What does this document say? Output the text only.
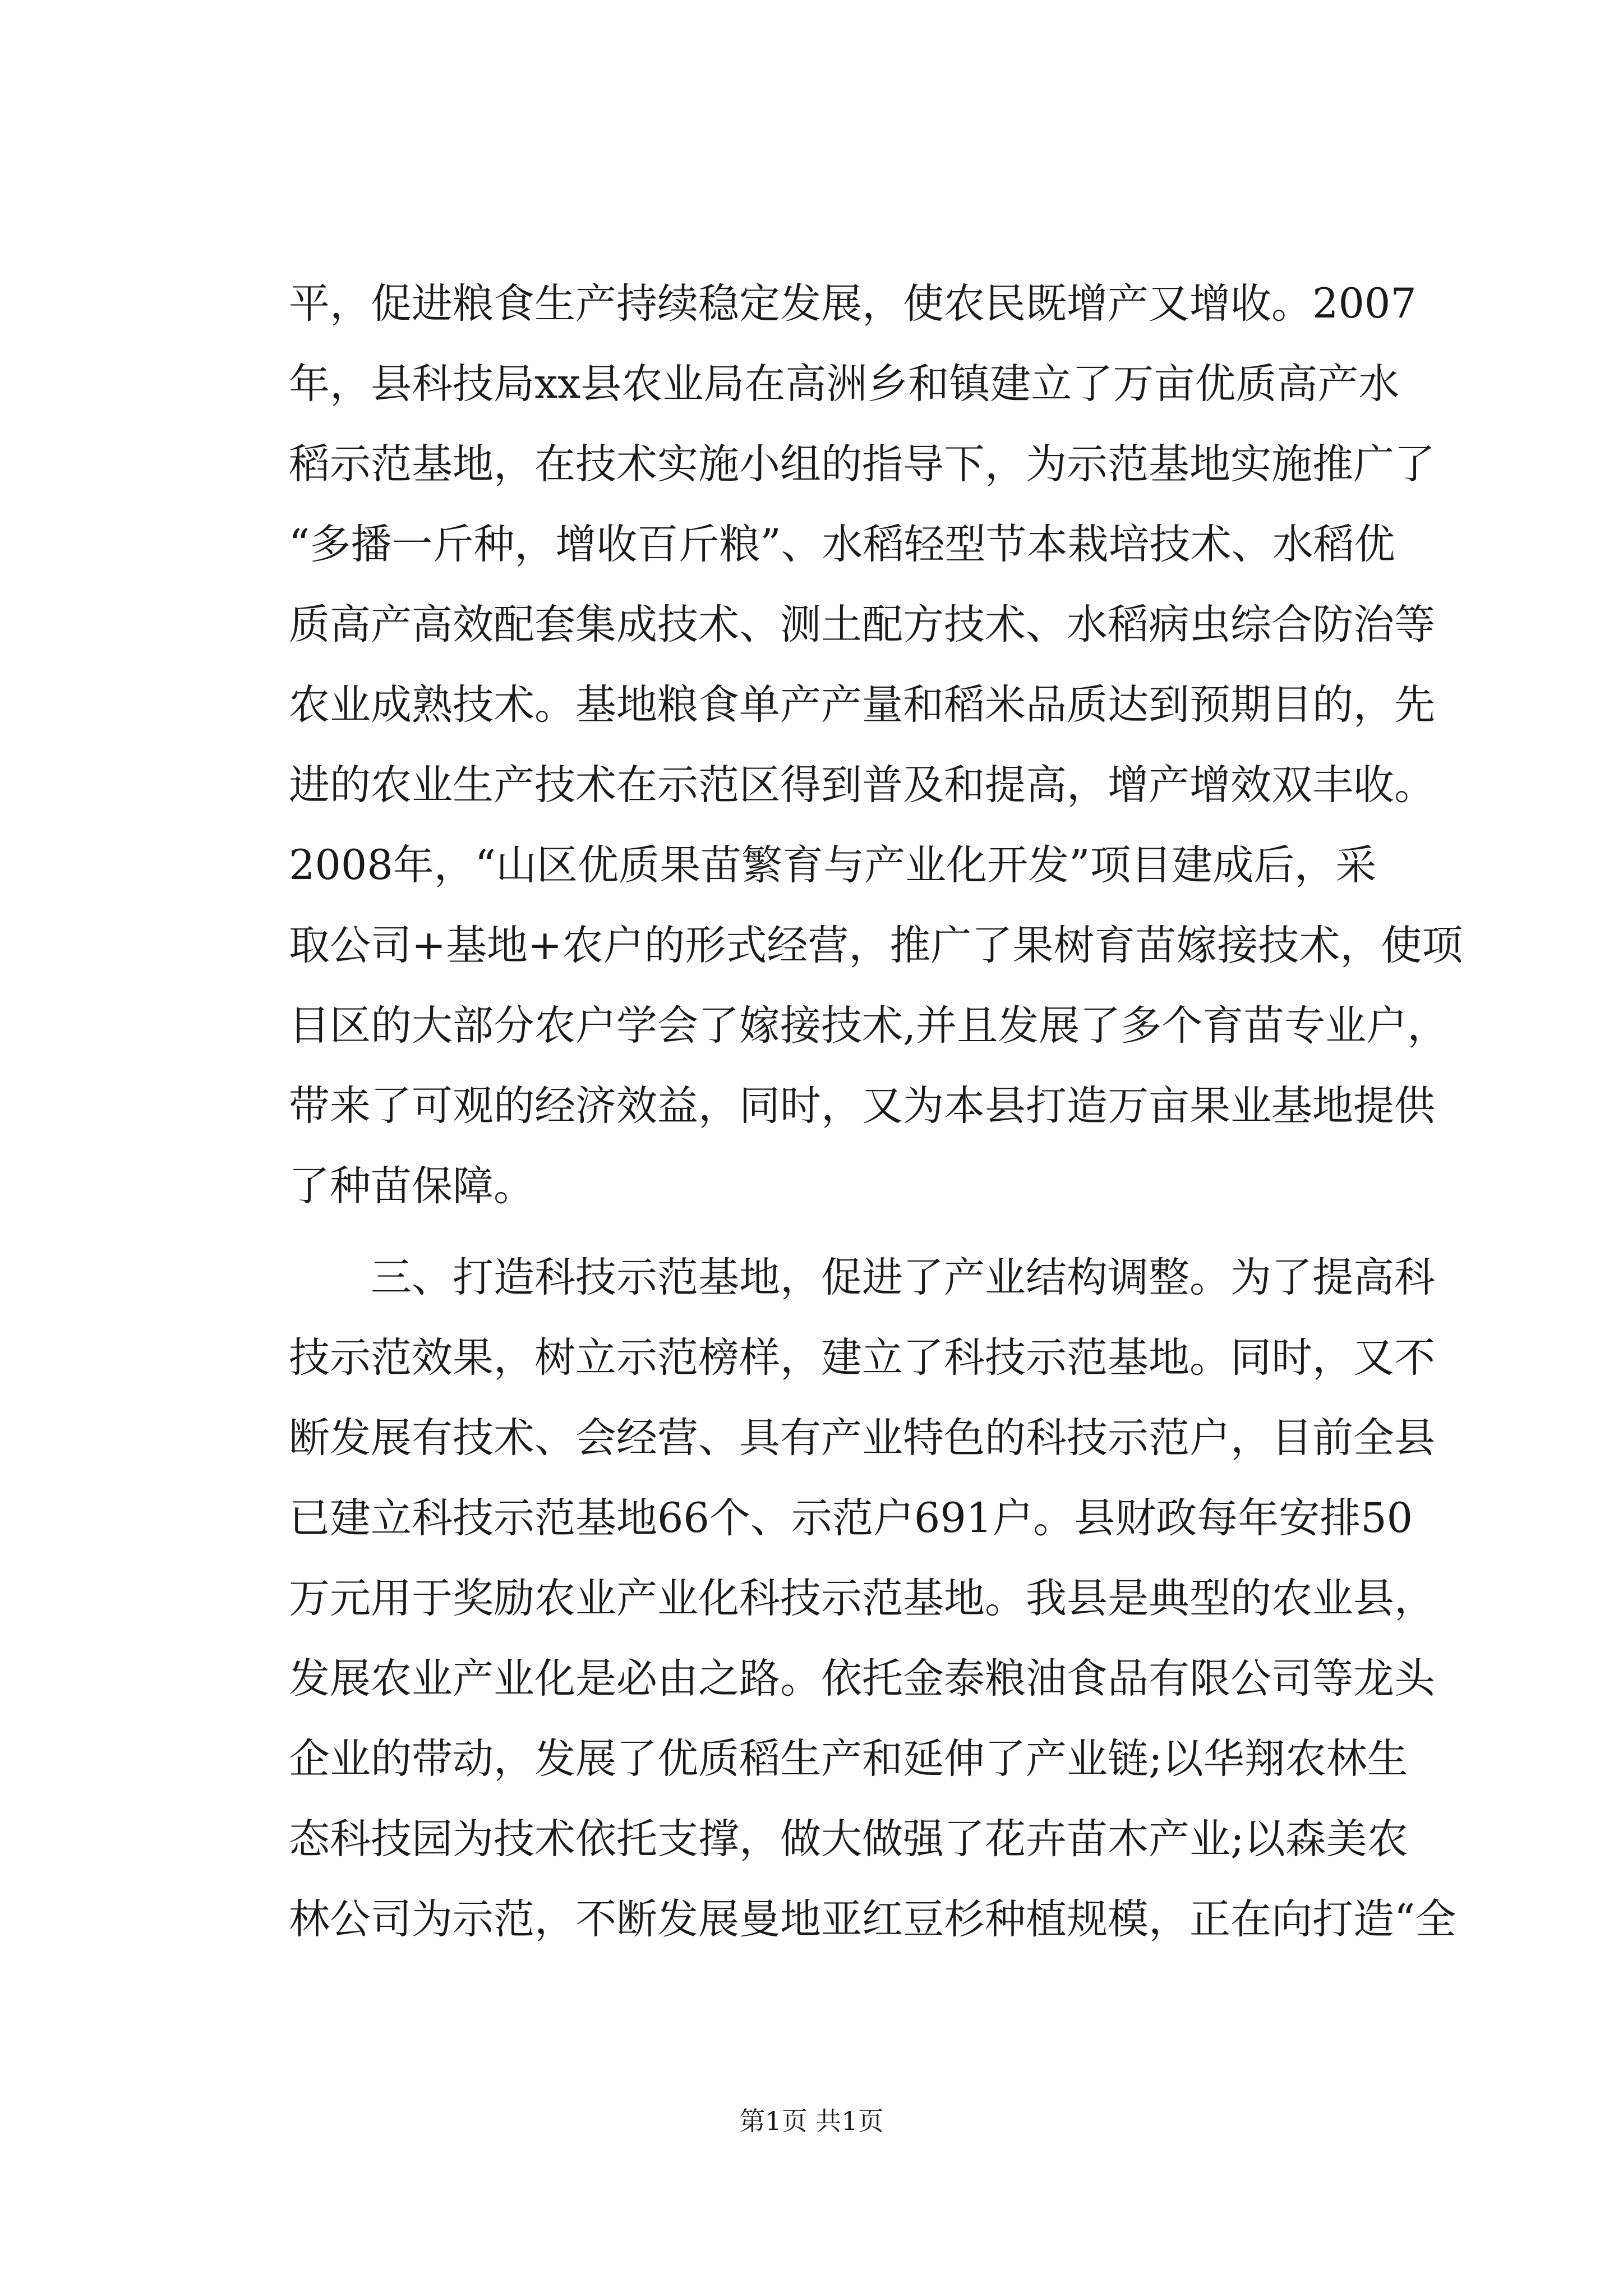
平，促进粮食生产持续稳定发展，使农民既增产又增收。2007
年，县科技局xx县农业局在高洲乡和镇建立了万亩优质高产水
稻示范基地，在技术实施小组的指导下，为示范基地实施推广了
“多播一斤种，增收百斤粮”、水稻轻型节本栽培技术、水稻优
质高产高效配套集成技术、测土配方技术、水稻病虫综合防治等
农业成熟技术。基地粮食单产产量和稻米品质达到预期目的，先
进的农业生产技术在示范区得到普及和提高，增产增效双丰收。
2008年，“山区优质果苗繁育与产业化开发”项目建成后，采
取公司+基地+农户的形式经营，推广了果树育苗嫁接技术，使项
目区的大部分农户学会了嫁接技术,并且发展了多个育苗专业户，
带来了可观的经济效益，同时，又为本县打造万亩果业基地提供
了种苗保障。
三、打造科技示范基地，促进了产业结构调整。为了提高科
技示范效果，树立示范榜样，建立了科技示范基地。同时，又不
断发展有技术、会经营、具有产业特色的科技示范户，目前全县
已建立科技示范基地66个、示范户691户。县财政每年安排50
万元用于奖励农业产业化科技示范基地。我县是典型的农业县，
发展农业产业化是必由之路。依托金泰粮油食品有限公司等龙头
企业的带动，发展了优质稻生产和延伸了产业链;以华翔农林生
态科技园为技术依托支撑，做大做强了花卉苗木产业;以森美农
林公司为示范，不断发展曼地亚红豆杉种植规模，正在向打造“全
第1页 共1页
